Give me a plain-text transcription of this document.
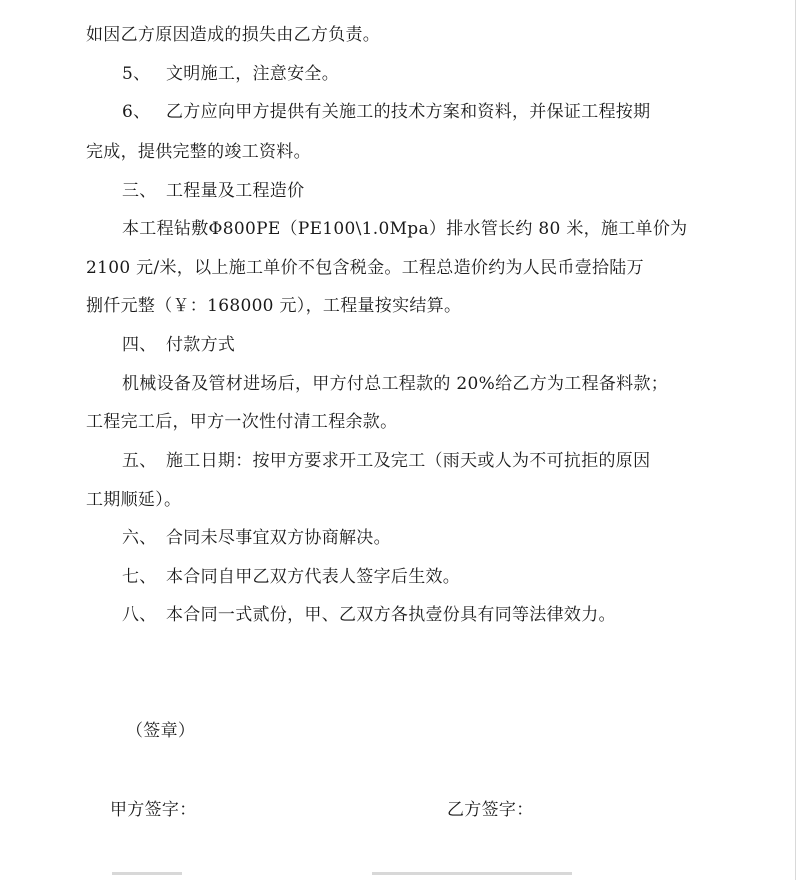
如因乙方原因造成的损失由乙方负责。
5、 文明施工，注意安全。
6、 乙方应向甲方提供有关施工的技术方案和资料，并保证工程按期
完成，提供完整的竣工资料。
三、 工程量及工程造价
本工程钻敷Φ800PE（PE100\1.0Mpa）排水管长约 80 米，施工单价为
2100 元/米，以上施工单价不包含税金。工程总造价约为人民币壹拾陆万
捌仟元整（￥：168000 元），工程量按实结算。
四、 付款方式
机械设备及管材进场后，甲方付总工程款的 20%给乙方为工程备料款；
工程完工后，甲方一次性付清工程余款。
五、 施工日期：按甲方要求开工及完工（雨天或人为不可抗拒的原因
工期顺延）。
六、 合同未尽事宜双方协商解决。
七、 本合同自甲乙双方代表人签字后生效。
八、 本合同一式贰份，甲、乙双方各执壹份具有同等法律效力。
（签章）
甲方签字：	乙方签字：
